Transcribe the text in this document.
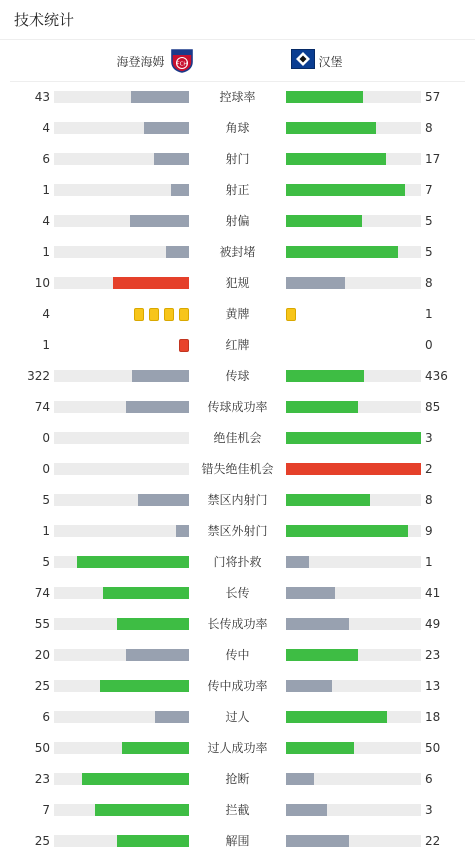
技术统计
海登海姆 FCH	汉堡
43	控球率	57
4	角球	8
6	射门	17
1	射正	7
4	射偏	5
1	被封堵	5
10	犯规	8
4	黄牌	1
1	红牌	0
322	传球	436
74	传球成功率	85
0	绝佳机会	3
0	错失绝佳机会	2
5	禁区内射门	8
1	禁区外射门	9
5	门将扑救	1
74	长传	41
55	长传成功率	49
20	传中	23
25	传中成功率	13
6	过人	18
50	过人成功率	50
23	抢断	6
7	拦截	3
25	解围	22
